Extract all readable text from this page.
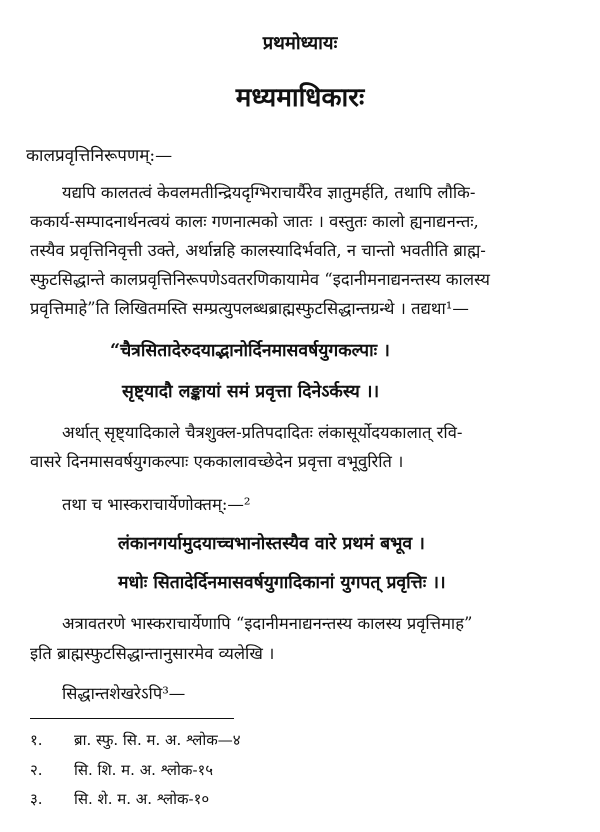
प्रथमोध्यायः
मध्यमाधिकारः
कालप्रवृत्तिनिरूपणम्:—
यद्यपि कालतत्वं केवलमतीन्द्रियदृग्भिराचार्यैरेव ज्ञातुमर्हति, तथापि लौकि-
ककार्य-सम्पादनार्थनत्वयं कालः गणनात्मको जातः । वस्तुतः कालो ह्यनाद्यनन्तः,
तस्यैव प्रवृत्तिनिवृत्ती उक्ते, अर्थान्नहि कालस्यादिर्भवति, न चान्तो भवतीति ब्राह्म-
स्फुटसिद्धान्ते कालप्रवृत्तिनिरूपणेऽवतरणिकायामेव “इदानीमनाद्यनन्तस्य कालस्य
प्रवृत्तिमाहे”ति लिखितमस्ति सम्प्रत्युपलब्धब्राह्मस्फुटसिद्धान्तग्रन्थे । तद्यथा¹—
“चैत्रसितादेरुदयाद्भानोर्दिनमासवर्षयुगकल्पाः ।
सृष्ट्यादौ लङ्कायां समं प्रवृत्ता दिनेऽर्कस्य ।।
अर्थात् सृष्ट्यादिकाले चैत्रशुक्ल-प्रतिपदादितः लंकासूर्योदयकालात् रवि-
वासरे दिनमासवर्षयुगकल्पाः एककालावच्छेदेन प्रवृत्ता वभूवुरिति ।
तथा च भास्कराचार्येणोक्तम्:—²
लंकानगर्यामुदयाच्चभानोस्तस्यैव वारे प्रथमं बभूव ।
मधोः सितादेर्दिनमासवर्षयुगादिकानां युगपत् प्रवृत्तिः ।।
अत्रावतरणे भास्कराचार्येणापि “इदानीमनाद्यनन्तस्य कालस्य प्रवृत्तिमाह”
इति ब्राह्मस्फुटसिद्धान्तानुसारमेव व्यलेखि ।
सिद्धान्तशेखरेऽपि³—
१. ब्रा. स्फु. सि. म. अ. श्लोक—४
२. सि. शि. म. अ. श्लोक-१५
३. सि. शे. म. अ. श्लोक-१०
